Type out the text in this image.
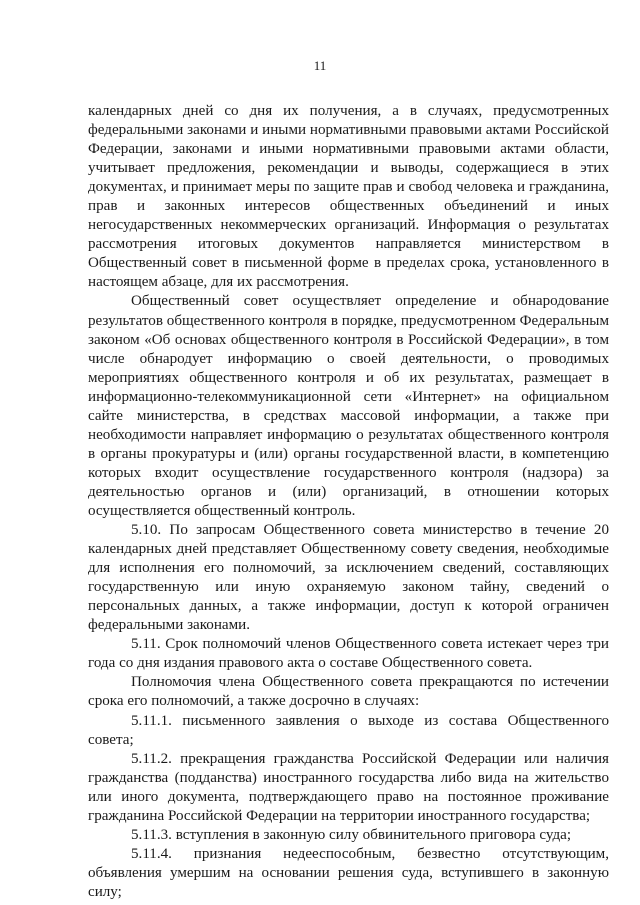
11

календарных дней со дня их получения, а в случаях, предусмотренных федеральными законами и иными нормативными правовыми актами Российской Федерации, законами и иными нормативными правовыми актами области, учитывает предложения, рекомендации и выводы, содержащиеся в этих документах, и принимает меры по защите прав и свобод человека и гражданина, прав и законных интересов общественных объединений и иных негосударственных некоммерческих организаций. Информация о результатах рассмотрения итоговых документов направляется министерством в Общественный совет в письменной форме в пределах срока, установленного в настоящем абзаце, для их рассмотрения.

Общественный совет осуществляет определение и обнародование результатов общественного контроля в порядке, предусмотренном Федеральным законом «Об основах общественного контроля в Российской Федерации», в том числе обнародует информацию о своей деятельности, о проводимых мероприятиях общественного контроля и об их результатах, размещает в информационно-телекоммуникационной сети «Интернет» на официальном сайте министерства, в средствах массовой информации, а также при необходимости направляет информацию о результатах общественного контроля в органы прокуратуры и (или) органы государственной власти, в компетенцию которых входит осуществление государственного контроля (надзора) за деятельностью органов и (или) организаций, в отношении которых осуществляется общественный контроль.

5.10. По запросам Общественного совета министерство в течение 20 календарных дней представляет Общественному совету сведения, необходимые для исполнения его полномочий, за исключением сведений, составляющих государственную или иную охраняемую законом тайну, сведений о персональных данных, а также информации, доступ к которой ограничен федеральными законами.

5.11. Срок полномочий членов Общественного совета истекает через три года со дня издания правового акта о составе Общественного совета.

Полномочия члена Общественного совета прекращаются по истечении срока его полномочий, а также досрочно в случаях:

5.11.1. письменного заявления о выходе из состава Общественного совета;

5.11.2. прекращения гражданства Российской Федерации или наличия гражданства (подданства) иностранного государства либо вида на жительство или иного документа, подтверждающего право на постоянное проживание гражданина Российской Федерации на территории иностранного государства;

5.11.3. вступления в законную силу обвинительного приговора суда;

5.11.4. признания недееспособным, безвестно отсутствующим, объявления умершим на основании решения суда, вступившего в законную силу;
